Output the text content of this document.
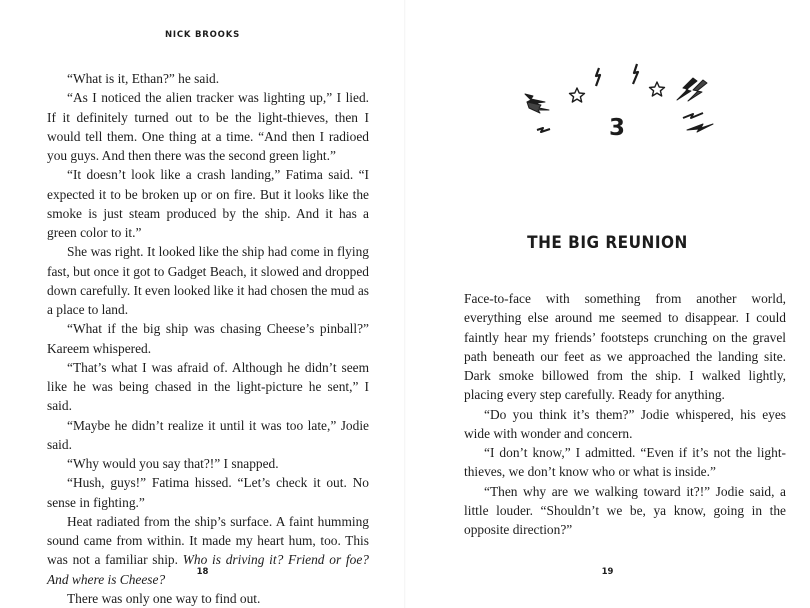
NICK BROOKS

“What is it, Ethan?” he said.

“As I noticed the alien tracker was lighting up,” I lied. If it definitely turned out to be the light-thieves, then I would tell them. One thing at a time. “And then I radioed you guys. And then there was the second green light.”

“It doesn’t look like a crash landing,” Fatima said. “I expected it to be broken up or on fire. But it looks like the smoke is just steam produced by the ship. And it has a green color to it.”

She was right. It looked like the ship had come in flying fast, but once it got to Gadget Beach, it slowed and dropped down carefully. It even looked like it had chosen the mud as a place to land.

“What if the big ship was chasing Cheese’s pinball?” Kareem whispered.

“That’s what I was afraid of. Although he didn’t seem like he was being chased in the light-picture he sent,” I said.

“Maybe he didn’t realize it until it was too late,” Jodie said.

“Why would you say that?!” I snapped.

“Hush, guys!” Fatima hissed. “Let’s check it out. No sense in fighting.”

Heat radiated from the ship’s surface. A faint humming sound came from within. It made my heart hum, too. This was not a familiar ship. Who is driving it? Friend or foe? And where is Cheese?

There was only one way to find out.

18
3
THE BIG REUNION

Face-to-face with something from another world, everything else around me seemed to disappear. I could faintly hear my friends’ footsteps crunching on the gravel path beneath our feet as we approached the landing site. Dark smoke billowed from the ship. I walked lightly, placing every step carefully. Ready for anything.

“Do you think it’s them?” Jodie whispered, his eyes wide with wonder and concern.

“I don’t know,” I admitted. “Even if it’s not the light-thieves, we don’t know who or what is inside.”

“Then why are we walking toward it?!” Jodie said, a little louder. “Shouldn’t we be, ya know, going in the opposite direction?”

19
